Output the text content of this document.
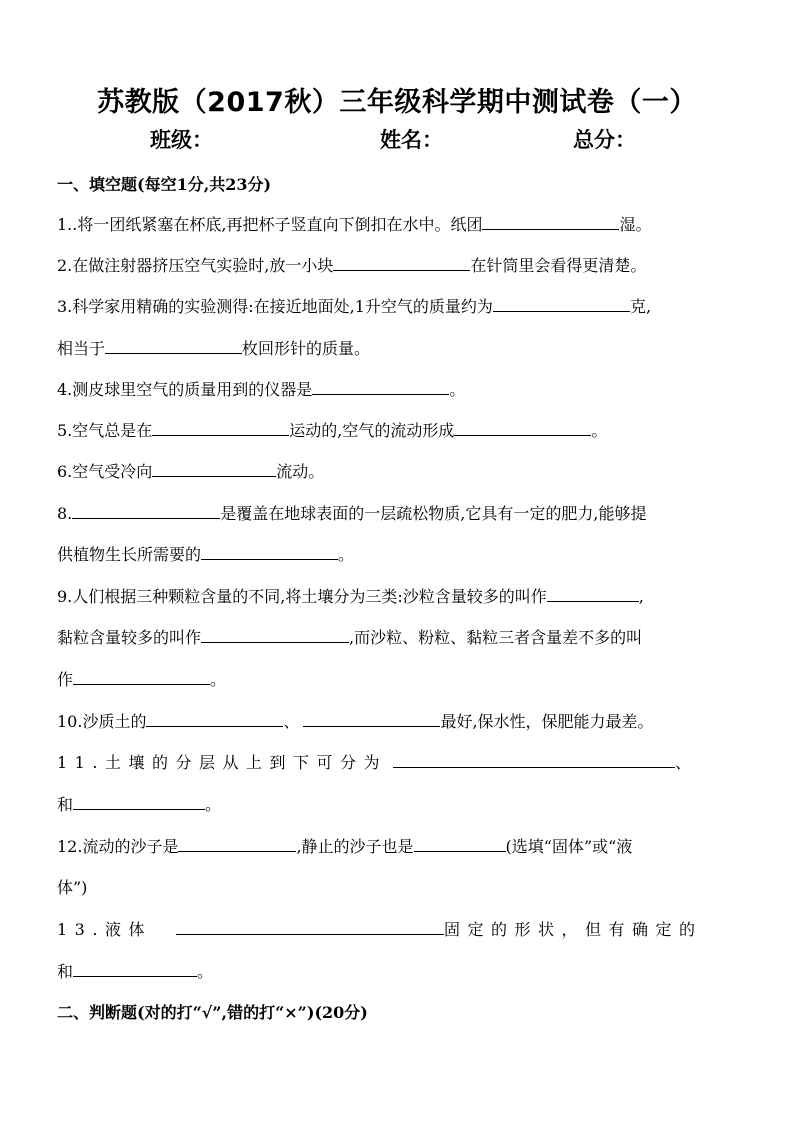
苏教版（2017秋）三年级科学期中测试卷（一）
班级：	姓名：	总分：
一、填空题(每空1分,共23分)
1..将一团纸紧塞在杯底,再把杯子竖直向下倒扣在水中。纸团	湿。
2.在做注射器挤压空气实验时,放一小块	在针筒里会看得更清楚。
3.科学家用精确的实验测得:在接近地面处,1升空气的质量约为	克,
相当于	枚回形针的质量。
4.测皮球里空气的质量用到的仪器是	。
5.空气总是在	运动的,空气的流动形成	。
6.空气受冷向	流动。
8.	是覆盖在地球表面的一层疏松物质,它具有一定的肥力,能够提
供植物生长所需要的	。
9.人们根据三种颗粒含量的不同,将土壤分为三类:沙粒含量较多的叫作	,
黏粒含量较多的叫作	,而沙粒、粉粒、黏粒三者含量差不多的叫
作	。
10.沙质土的	、	最好,保水性，保肥能力最差。
11.土壤的分层从上到下可分为	、
和	。
12.流动的沙子是	,静止的沙子也是	(选填“固体”或“液
体”)
13.液体	固定的形状，但有确定的
和	。
二、判断题(对的打“√”,错的打“×”)(20分)
